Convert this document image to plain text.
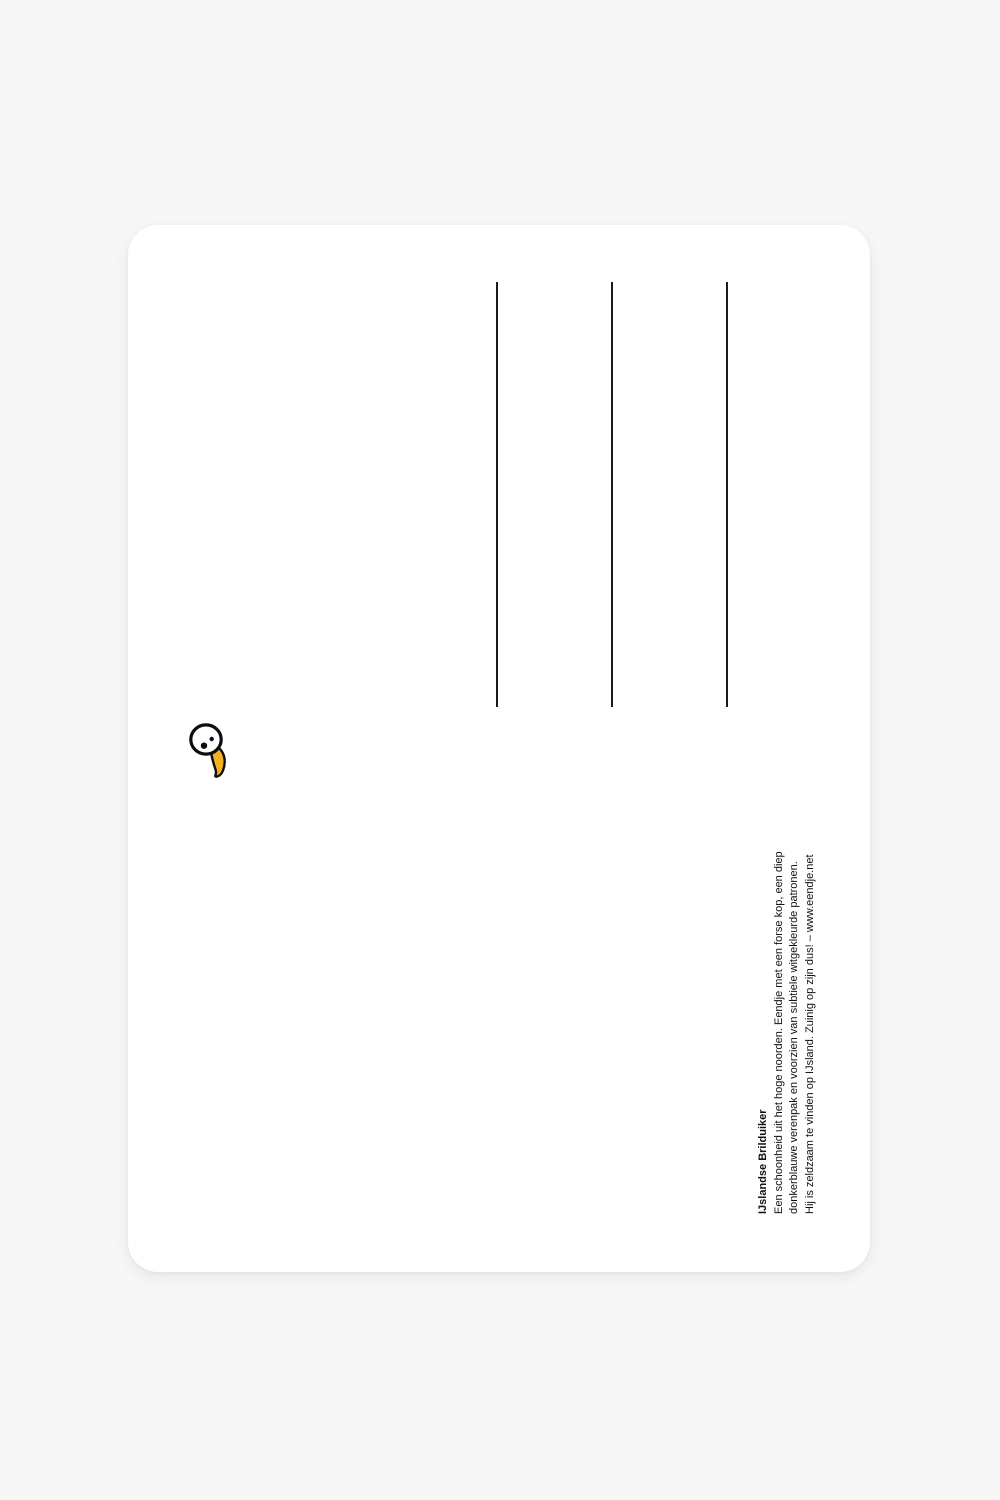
IJslandse Brilduiker Een schoonheid uit het hoge noorden. Eendje met een forse kop, een diep donkerblauwe verenpak en voorzien van subtiele witgekleurde patronen. Hij is zeldzaam te vinden op IJsland. Zuinig op zijn dus! – www.eendje.net
